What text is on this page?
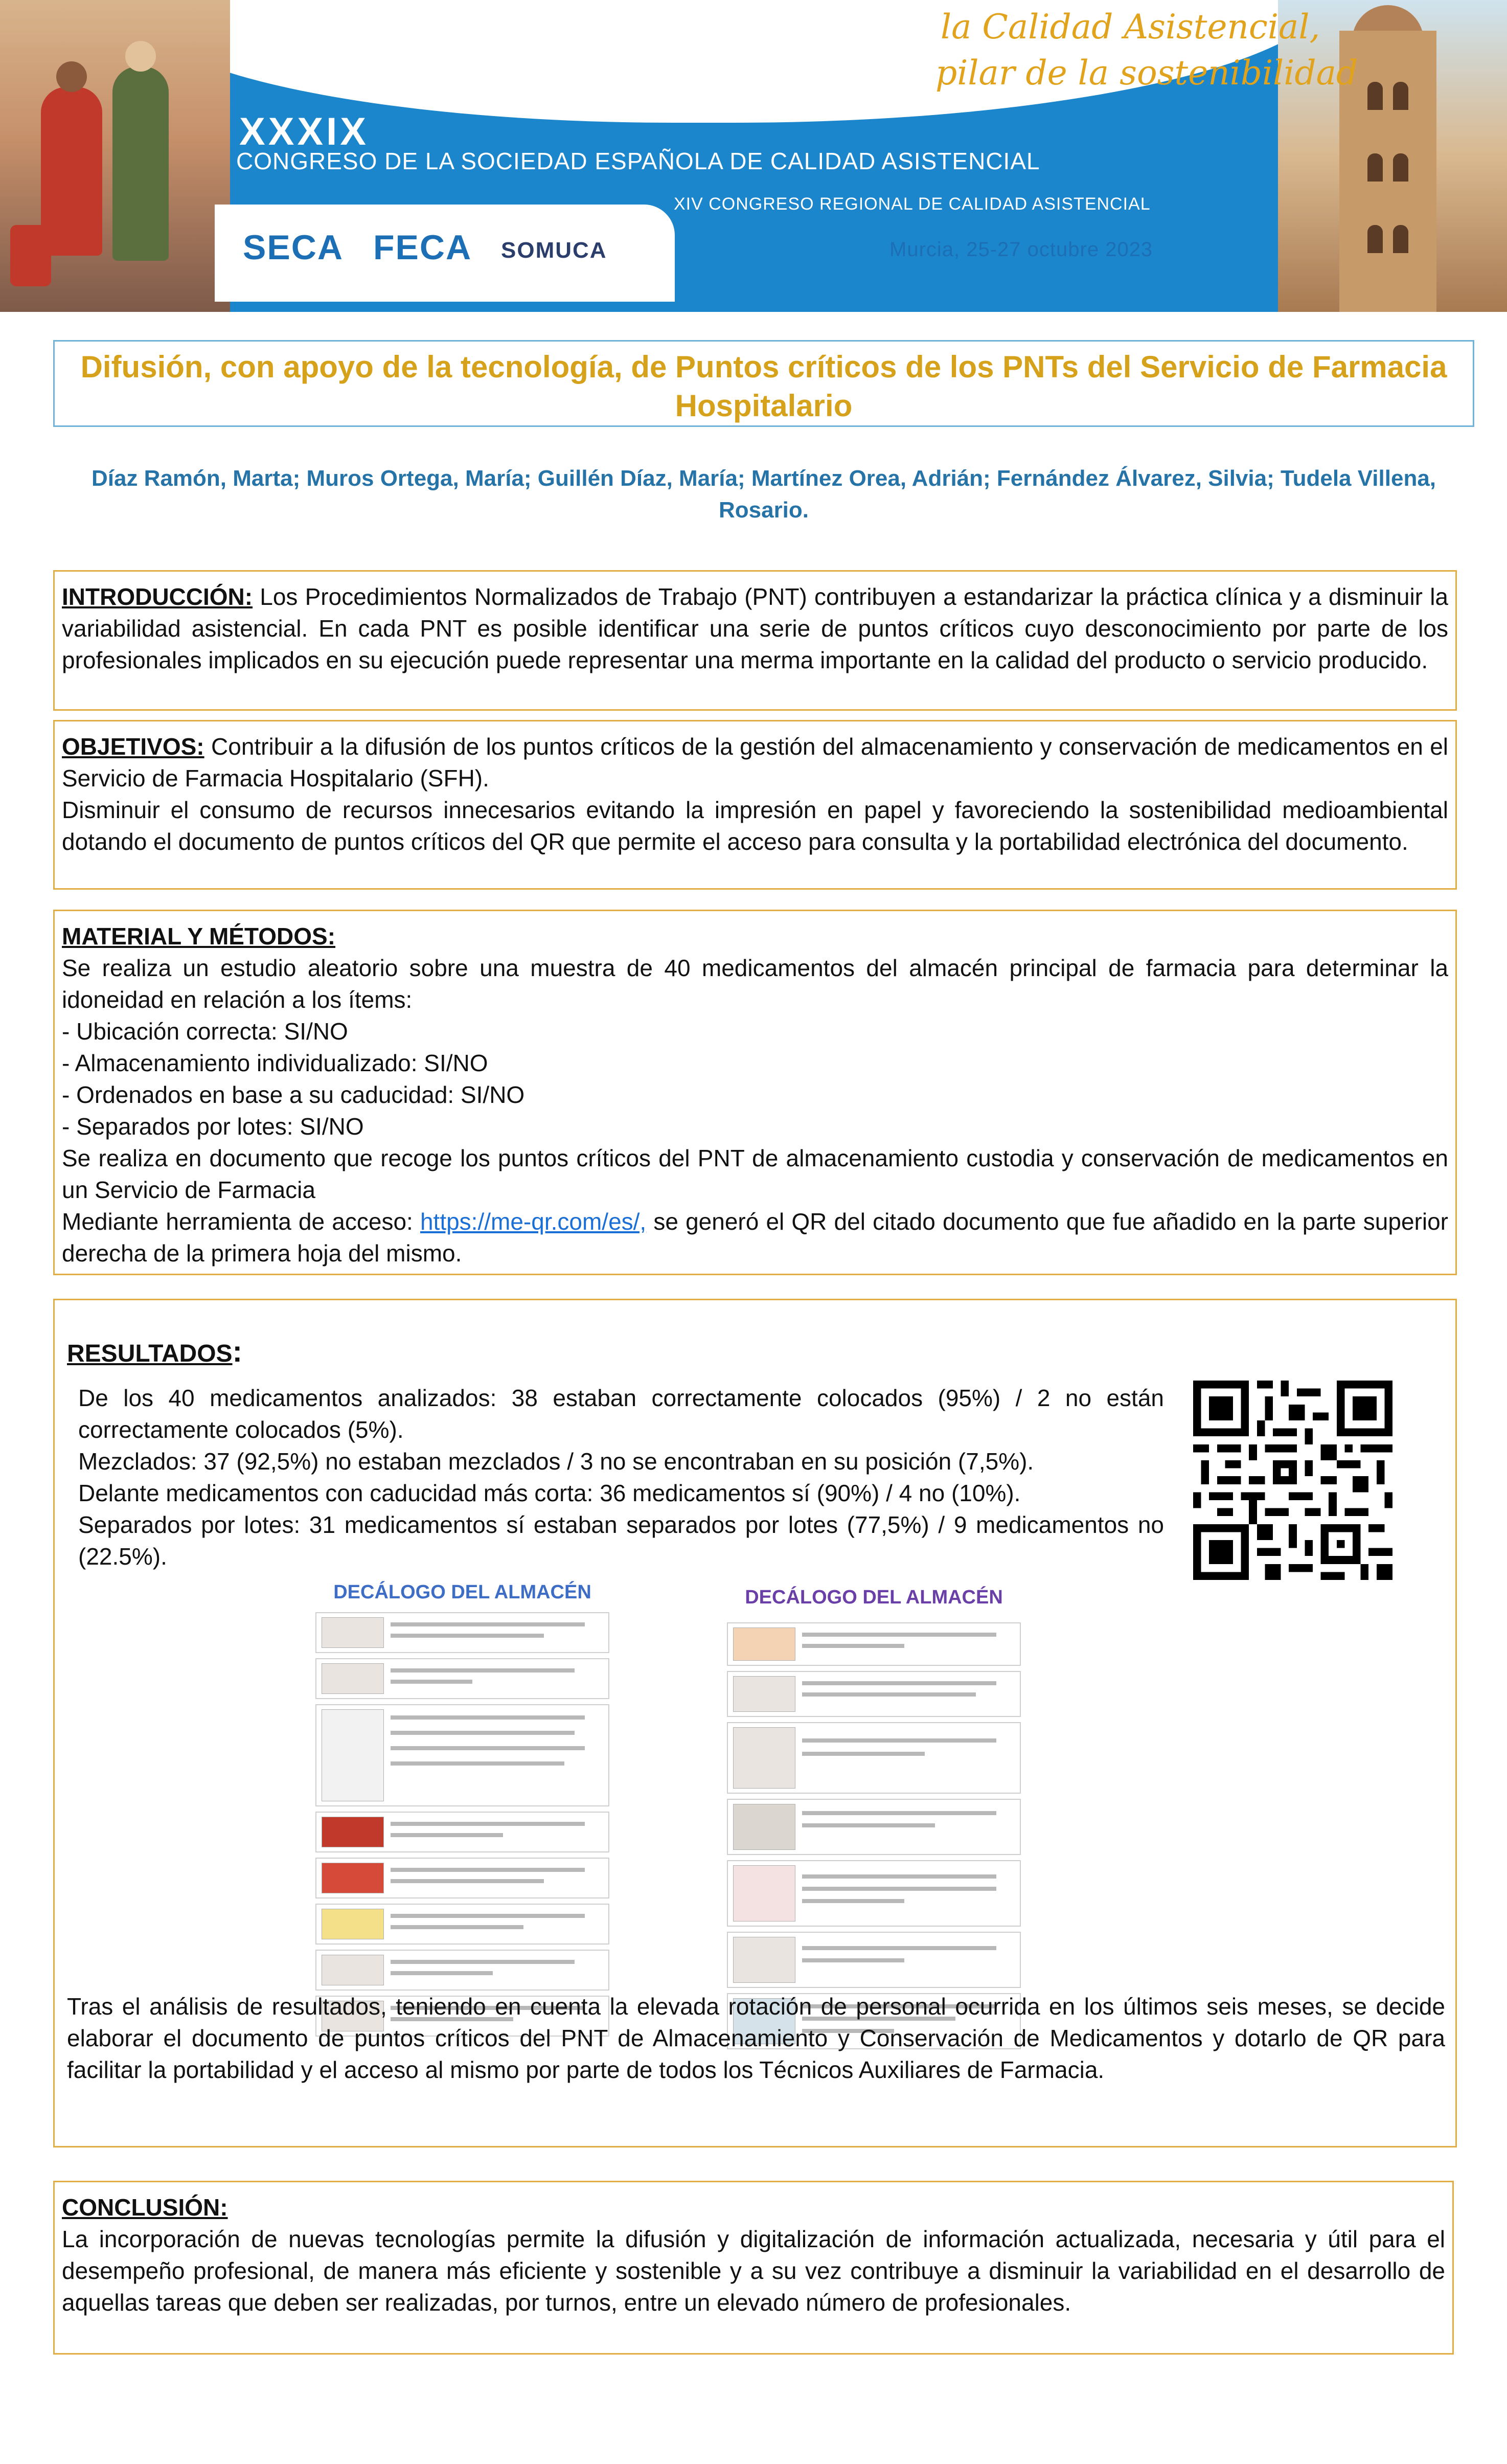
la Calidad Asistencial,
pilar de la sostenibilidad
XXXIX
CONGRESO DE LA SOCIEDAD ESPAÑOLA DE CALIDAD ASISTENCIAL
XIV CONGRESO REGIONAL DE CALIDAD ASISTENCIAL
SECA FECA SOMUCA	Murcia, 25-27 octubre 2023
Difusión, con apoyo de la tecnología, de Puntos críticos de los PNTs del Servicio de Farmacia Hospitalario
Díaz Ramón, Marta; Muros Ortega, María; Guillén Díaz, María; Martínez Orea, Adrián; Fernández Álvarez, Silvia; Tudela Villena, Rosario.

INTRODUCCIÓN: Los Procedimientos Normalizados de Trabajo (PNT) contribuyen a estandarizar la práctica clínica y a disminuir la variabilidad asistencial. En cada PNT es posible identificar una serie de puntos críticos cuyo desconocimiento por parte de los profesionales implicados en su ejecución puede representar una merma importante en la calidad del producto o servicio producido.

OBJETIVOS: Contribuir a la difusión de los puntos críticos de la gestión del almacenamiento y conservación de medicamentos en el Servicio de Farmacia Hospitalario (SFH).

Disminuir el consumo de recursos innecesarios evitando la impresión en papel y favoreciendo la sostenibilidad medioambiental dotando el documento de puntos críticos del QR que permite el acceso para consulta y la portabilidad electrónica del documento.

MATERIAL Y MÉTODOS:

Se realiza un estudio aleatorio sobre una muestra de 40 medicamentos del almacén principal de farmacia para determinar la idoneidad en relación a los ítems:

- Ubicación correcta: SI/NO

- Almacenamiento individualizado: SI/NO

- Ordenados en base a su caducidad: SI/NO

- Separados por lotes: SI/NO

Se realiza en documento que recoge los puntos críticos del PNT de almacenamiento custodia y conservación de medicamentos en un Servicio de Farmacia

Mediante herramienta de acceso: https://me-qr.com/es/, se generó el QR del citado documento que fue añadido en la parte superior derecha de la primera hoja del mismo.

RESULTADOS:

De los 40 medicamentos analizados: 38 estaban correctamente colocados (95%) / 2 no están correctamente colocados (5%).

Mezclados: 37 (92,5%) no estaban mezclados / 3 no se encontraban en su posición (7,5%).

Delante medicamentos con caducidad más corta: 36 medicamentos sí (90%) / 4 no (10%).

Separados por lotes: 31 medicamentos sí estaban separados por lotes (77,5%) / 9 medicamentos no (22.5%).

DECÁLOGO DEL ALMACÉN	DECÁLOGO DEL ALMACÉN
Tras el análisis de resultados, teniendo en cuenta la elevada rotación de personal ocurrida en los últimos seis meses, se decide elaborar el documento de puntos críticos del PNT de Almacenamiento y Conservación de Medicamentos y dotarlo de QR para facilitar la portabilidad y el acceso al mismo por parte de todos los Técnicos Auxiliares de Farmacia.

CONCLUSIÓN:

La incorporación de nuevas tecnologías permite la difusión y digitalización de información actualizada, necesaria y útil para el desempeño profesional, de manera más eficiente y sostenible y a su vez contribuye a disminuir la variabilidad en el desarrollo de aquellas tareas que deben ser realizadas, por turnos, entre un elevado número de profesionales.
